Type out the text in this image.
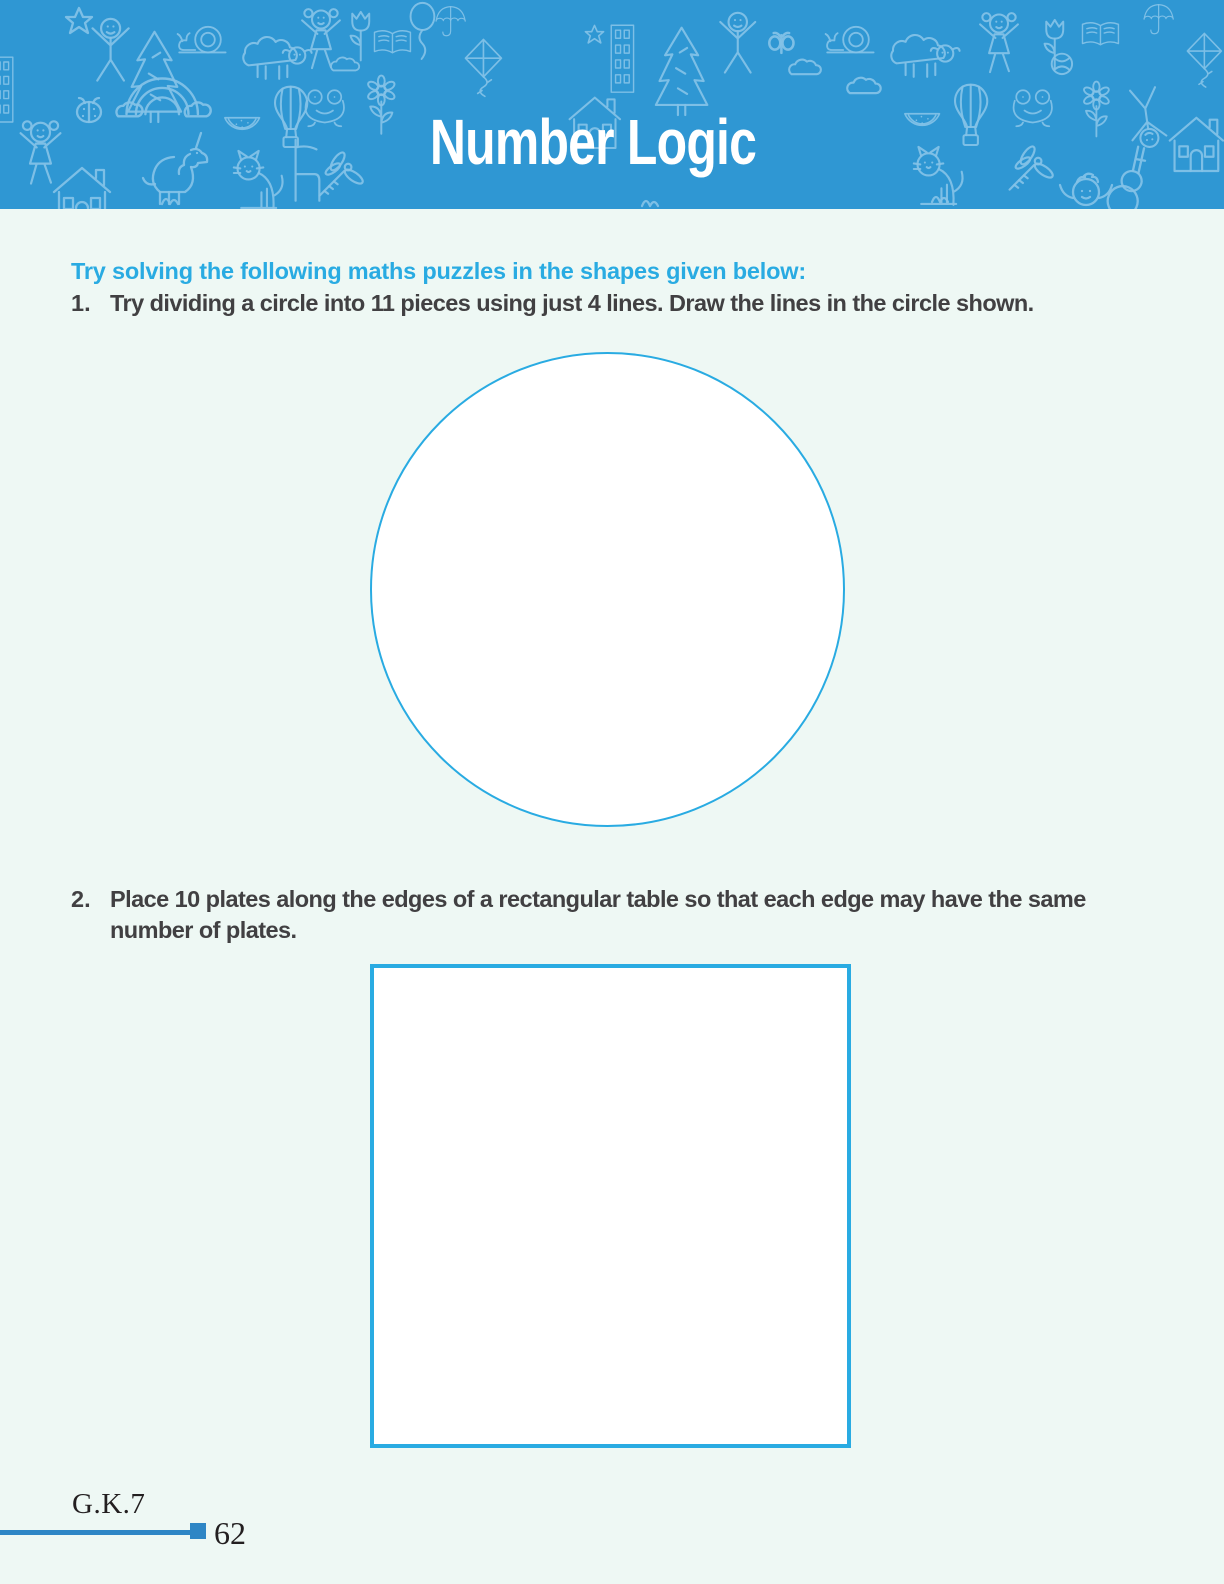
Number Logic

Try solving the following maths puzzles in the shapes given below:

1. Try dividing a circle into 11 pieces using just 4 lines. Draw the lines in the circle shown.
2. Place 10 plates along the edges of a rectangular table so that each edge may have the same number of plates.

G.K.7

62
